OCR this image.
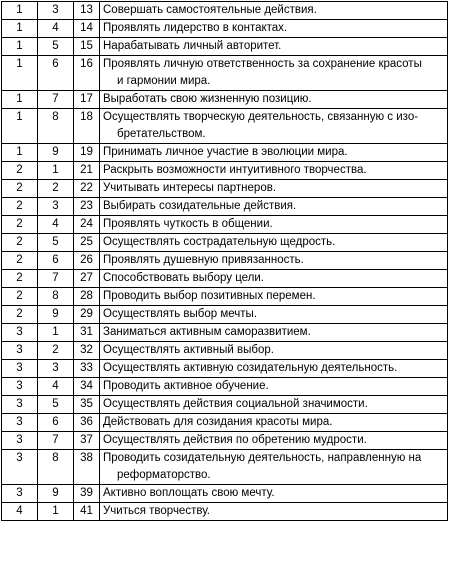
1	3	13	Совершать самостоятельные действия.

1	4	14	Проявлять лидерство в контактах.

1	5	15	Нарабатывать личный авторитет.

1	6	16	Проявлять личную ответственность за сохранение красоты
и гармонии мира.

1	7	17	Выработать свою жизненную позицию.

1	8	18	Осуществлять творческую деятельность, связанную с изо-
бретательством.

1	9	19	Принимать личное участие в эволюции мира.

2	1	21	Раскрыть возможности интуитивного творчества.

2	2	22	Учитывать интересы партнеров.

2	3	23	Выбирать созидательные действия.

2	4	24	Проявлять чуткость в общении.

2	5	25	Осуществлять сострадательную щедрость.

2	6	26	Проявлять душевную привязанность.

2	7	27	Способствовать выбору цели.

2	8	28	Проводить выбор позитивных перемен.

2	9	29	Осуществлять выбор мечты.

3	1	31	Заниматься активным саморазвитием.

3	2	32	Осуществлять активный выбор.

3	3	33	Осуществлять активную созидательную деятельность.

3	4	34	Проводить активное обучение.

3	5	35	Осуществлять действия социальной значимости.

3	6	36	Действовать для созидания красоты мира.

3	7	37	Осуществлять действия по обретению мудрости.

3	8	38	Проводить созидательную деятельность, направленную на
реформаторство.

3	9	39	Активно воплощать свою мечту.

4	1	41	Учиться творчеству.
